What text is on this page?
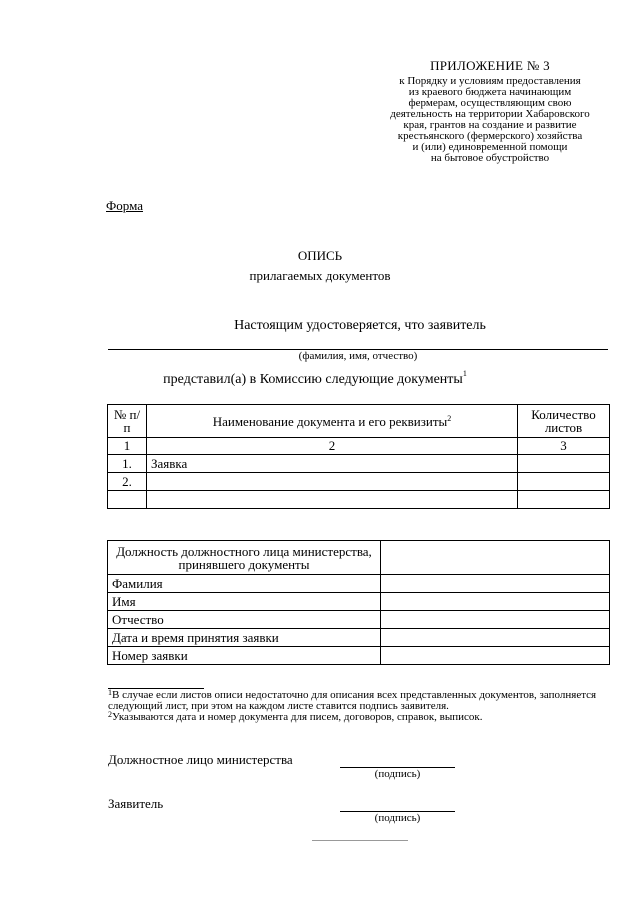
ПРИЛОЖЕНИЕ № 3
к Порядку и условиям предоставления
из краевого бюджета начинающим
фермерам, осуществляющим свою
деятельность на территории Хабаровского
края, грантов на создание и развитие
крестьянского (фермерского) хозяйства
и (или) единовременной помощи
на бытовое обустройство
Форма
ОПИСЬ
прилагаемых документов
Настоящим удостоверяется, что заявитель
(фамилия, имя, отчество)
представил(а) в Комиссию следующие документы$^1$
№ п/п	Наименование документа и его реквизиты$^2$	Количество листов
1	2	3
1.	Заявка	
2.		

Должность должностного лица министерства, принявшего документы	
Фамилия	
Имя	
Отчество	
Дата и время принятия заявки	
Номер заявки	

$^1$В случае если листов описи недостаточно для описания всех представленных документов, заполняется следующий лист, при этом на каждом листе ставится подпись заявителя.

$^2$Указываются дата и номер документа для писем, договоров, справок, выписок.

Должностное лицо министерства
(подпись)
Заявитель
(подпись)
